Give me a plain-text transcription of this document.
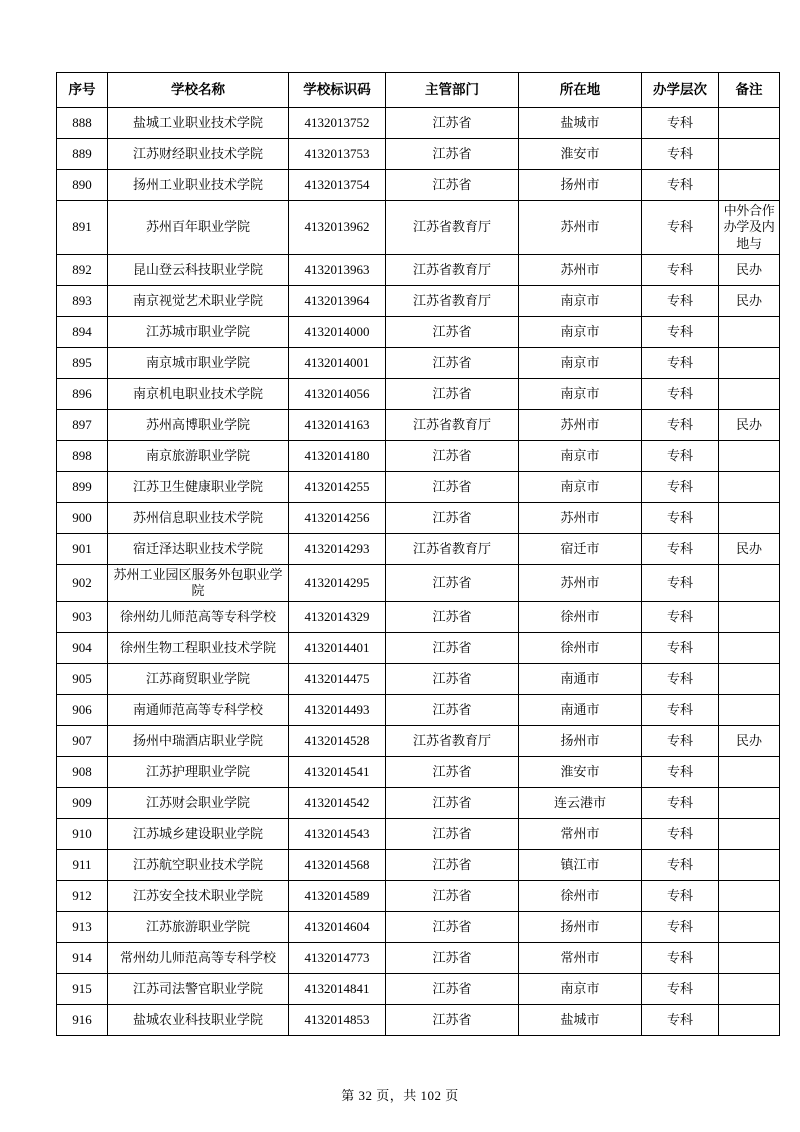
序号	学校名称	学校标识码	主管部门	所在地	办学层次	备注
888	盐城工业职业技术学院	4132013752	江苏省	盐城市	专科	
889	江苏财经职业技术学院	4132013753	江苏省	淮安市	专科	
890	扬州工业职业技术学院	4132013754	江苏省	扬州市	专科	
891	苏州百年职业学院	4132013962	江苏省教育厅	苏州市	专科	中外合作办学及内地与
892	昆山登云科技职业学院	4132013963	江苏省教育厅	苏州市	专科	民办
893	南京视觉艺术职业学院	4132013964	江苏省教育厅	南京市	专科	民办
894	江苏城市职业学院	4132014000	江苏省	南京市	专科	
895	南京城市职业学院	4132014001	江苏省	南京市	专科	
896	南京机电职业技术学院	4132014056	江苏省	南京市	专科	
897	苏州高博职业学院	4132014163	江苏省教育厅	苏州市	专科	民办
898	南京旅游职业学院	4132014180	江苏省	南京市	专科	
899	江苏卫生健康职业学院	4132014255	江苏省	南京市	专科	
900	苏州信息职业技术学院	4132014256	江苏省	苏州市	专科	
901	宿迁泽达职业技术学院	4132014293	江苏省教育厅	宿迁市	专科	民办
902	苏州工业园区服务外包职业学院	4132014295	江苏省	苏州市	专科	
903	徐州幼儿师范高等专科学校	4132014329	江苏省	徐州市	专科	
904	徐州生物工程职业技术学院	4132014401	江苏省	徐州市	专科	
905	江苏商贸职业学院	4132014475	江苏省	南通市	专科	
906	南通师范高等专科学校	4132014493	江苏省	南通市	专科	
907	扬州中瑞酒店职业学院	4132014528	江苏省教育厅	扬州市	专科	民办
908	江苏护理职业学院	4132014541	江苏省	淮安市	专科	
909	江苏财会职业学院	4132014542	江苏省	连云港市	专科	
910	江苏城乡建设职业学院	4132014543	江苏省	常州市	专科	
911	江苏航空职业技术学院	4132014568	江苏省	镇江市	专科	
912	江苏安全技术职业学院	4132014589	江苏省	徐州市	专科	
913	江苏旅游职业学院	4132014604	江苏省	扬州市	专科	
914	常州幼儿师范高等专科学校	4132014773	江苏省	常州市	专科	
915	江苏司法警官职业学院	4132014841	江苏省	南京市	专科	
916	盐城农业科技职业学院	4132014853	江苏省	盐城市	专科	
第 32 页，共 102 页
